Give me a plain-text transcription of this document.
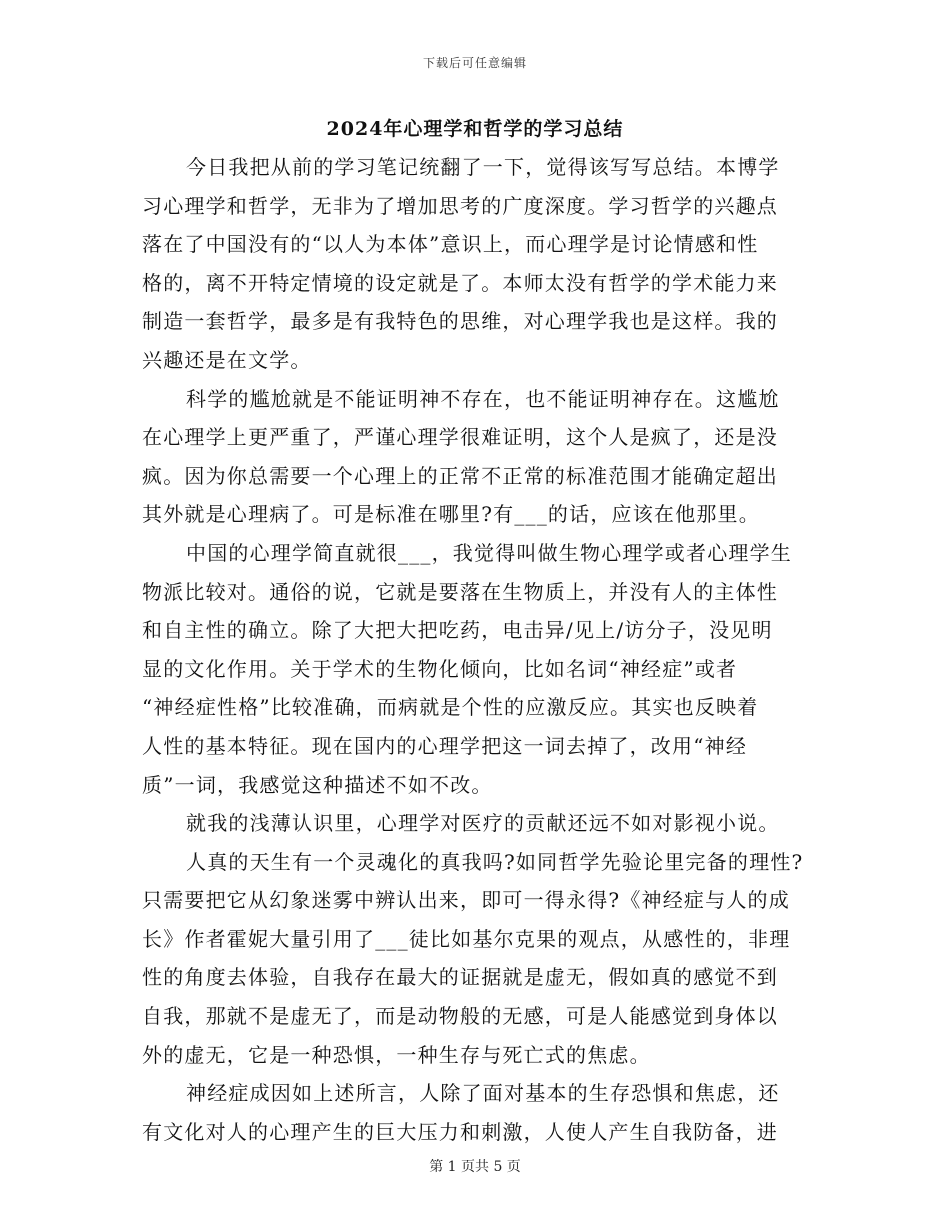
下载后可任意编辑
2024年心理学和哲学的学习总结
今日我把从前的学习笔记统翻了一下，觉得该写写总结。本博学
习心理学和哲学，无非为了增加思考的广度深度。学习哲学的兴趣点
落在了中国没有的“以人为本体”意识上，而心理学是讨论情感和性
格的，离不开特定情境的设定就是了。本师太没有哲学的学术能力来
制造一套哲学，最多是有我特色的思维，对心理学我也是这样。我的
兴趣还是在文学。
科学的尴尬就是不能证明神不存在，也不能证明神存在。这尴尬
在心理学上更严重了，严谨心理学很难证明，这个人是疯了，还是没
疯。因为你总需要一个心理上的正常不正常的标准范围才能确定超出
其外就是心理病了。可是标准在哪里?有___的话，应该在他那里。
中国的心理学简直就很___，我觉得叫做生物心理学或者心理学生
物派比较对。通俗的说，它就是要落在生物质上，并没有人的主体性
和自主性的确立。除了大把大把吃药，电击异/见上/访分子，没见明
显的文化作用。关于学术的生物化倾向，比如名词“神经症”或者
“神经症性格”比较准确，而病就是个性的应激反应。其实也反映着
人性的基本特征。现在国内的心理学把这一词去掉了，改用“神经
质”一词，我感觉这种描述不如不改。
就我的浅薄认识里，心理学对医疗的贡献还远不如对影视小说。
人真的天生有一个灵魂化的真我吗?如同哲学先验论里完备的理性?
只需要把它从幻象迷雾中辨认出来，即可一得永得?《神经症与人的成
长》作者霍妮大量引用了___徒比如基尔克果的观点，从感性的，非理
性的角度去体验，自我存在最大的证据就是虚无，假如真的感觉不到
自我，那就不是虚无了，而是动物般的无感，可是人能感觉到身体以
外的虚无，它是一种恐惧，一种生存与死亡式的焦虑。
神经症成因如上述所言，人除了面对基本的生存恐惧和焦虑，还
有文化对人的心理产生的巨大压力和刺激，人使人产生自我防备，进
第 1 页共 5 页
